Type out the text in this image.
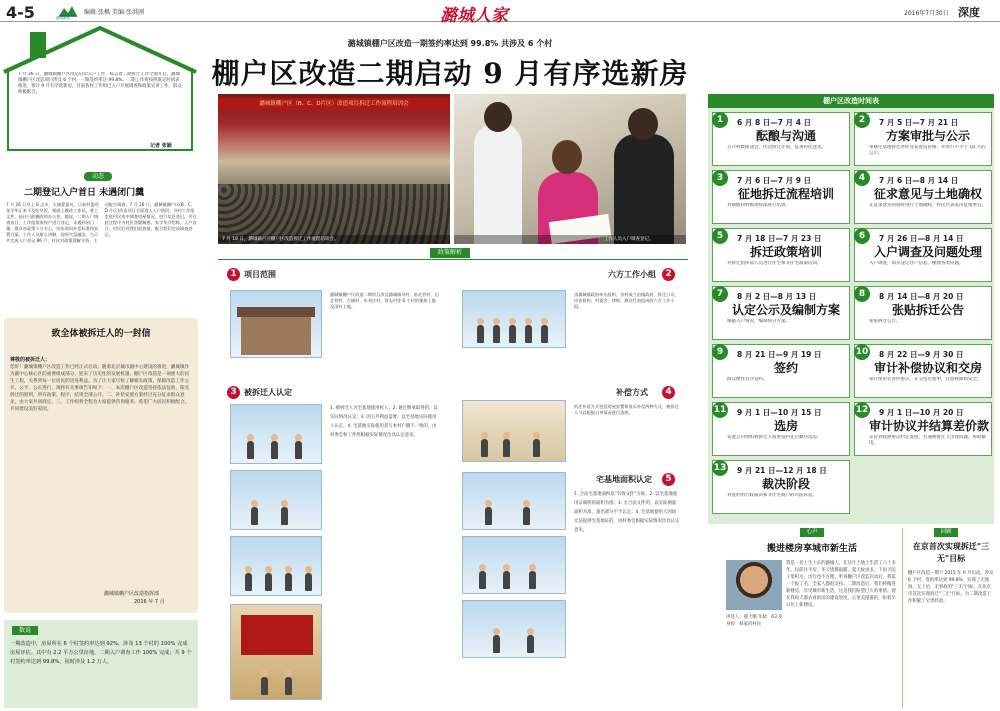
4-5	潞城新闻
编辑:张枫 美编:张洪刚	潞城人家	2016年7月30日 深度
7 月 26 日，潞城镇棚户区改造启动入户工作，标志着二期拆迁工作全面开启。潞城镇棚户区改造项目涉及 6 个村，一期签约率达 99.8%。二期工作将按照既定时间表推进，预计 9 月有序选新房，目前各村工作组已入户开展调查和政策宣讲工作，群众积极配合。
记者 张颖
动态
二期登记入户首日 未遇闭门羹
7 月 26 日早上 8 点多，天刚蒙蒙亮，日前村委的张学华正来不及吃早饭，便就上棚改工作证，拿上文件，赶往日前棚改的办公室。她说，二期入户调查首日，工作组挨家挨户进行登记，未遇到闭门羹。群众对政策十分关心，纷纷询问补偿标准和安置方案。工作人员耐心讲解，现场气氛融洽。当天共完成入户登记 86 户，村民对政策理解支持，主动配合调查。7 月 26 日，潞城镇棚户区(B、C、D 片区)改造项目全面进入入户阶段，各村工作组走进村民家中调查房屋情况，进行信息登记，并在此过程中为村民答疑解惑。张学华介绍称，入户首日，村民们对我们很热情，配合我们完成调查登记。
致全体被拆迁人的一封信
尊敬的被拆迁人：
您好！潞城镇棚户区改造工作已经正式启动。随着北京城市副中心建设的推进，潞城镇作为副中心核心区的重要组成部分，迎来了历史性的发展机遇。棚户区改造是一项重大的民生工程，关系到每一位居民的切身利益。为了让大家尽快了解相关政策，保障改造工作公开、公平、公正进行，现将有关事项告知如下：一、本次棚户区改造坚持依法征收、阳光拆迁的原则，所有政策、程序、结果全部公开。二、补偿安置方案经过充分征求群众意见，由大家共同商定。三、工作组将全程为大家提供咨询服务。希望广大居民积极配合，共同建设美好家园。
潞城镇棚户区改造指挥部
2016 年 7 月
数说
一期改造中，房屋所在 6 个村签约率达到 92%，涉及 13 个村的 100% 完成房屋评估。其中有 2.2 平方公里征地，二期入户调查工作 100% 完成；共 9 个村签约率达到 99.8%，同时涉及 1.2 万人。
潞城镇棚户区改造一期签约率达到 99.8% 共涉及 6 个村
棚户区改造二期启动 9 月有序选新房
潞城镇棚户区（B、C、D片区）改造项目拆迁工作流程培训会
7 月 18 日，潞城镇召开棚户区改造拆迁工作流程培训会。	工作人员入户调查登记。
政策解析
1 项目范围
潞城镇棚户区改造二期项目涉及潞城镇辛村、前北营村、后北营村、古城村、东刘庄村、常屯村等 6 个村的集体土地及国有土地。
六方工作小组	2
由潞城镇政府牵头组织，各村成立由镇政府、拆迁公司、评估机构、村委会、律师、群众代表组成的六方工作小组。
3 被拆迁人认定
1. 被拆迁人为宅基地使用权人；2. 通过继承取得的，以实际情况认定；3. 因公共利益需要，以宅基地实际使用人认定。4. 宅基地实际使用者与本村户籍不一致的，由村委会和工作组根据实际情况出具认定意见。
补偿方式	4
拆迁补偿方式包括房屋安置和货币补偿两种方式，被拆迁人可以根据自身情况进行选择。
宅基地面积认定	5
1. 合法宅基地面积以"有效文件"为准；2. 以宅基地使用证载明的面积为准；3. 无合法文件的，以实际测量面积为准，超出部分不予认定；4. 宅基地使用人因故无法提供宅基地证的，由村委会根据实际情况出具认定意见。
棚户区改造时间表
1	6 月 8 日—7 月 4 日
酝酿与沟通
召开村级座谈会，传达拆迁计划，征求村民意见。
2	7 月 5 日—7 月 21 日
方案审批与公示
审核宅基地拆迁补偿及安置房价格，并进行不少于 10 天的公示。
3	7 月 6 日—7 月 9 日
征地拆迁流程培训
对镇级和村级指挥部进行培训。
4	7 月 6 日—8 月 14 日
征求意见与土地确权
在征求意见的同时进行土地确权，村民代表表决征地事宜。
5	7 月 18 日—7 月 23 日
拆迁政策培训
对拆迁指挥部人员进行住宅和非住宅政策培训。
6	7 月 26 日—8 月 14 日
入户调查及问题处理
入户调查，如实登记住户信息，梳理各类问题。
7	8 月 2 日—8 月 13 日
认定公示及编制方案
根据入户情况，编制预分方案。
8	8 月 14 日—8 月 20 日
张贴拆迁公告
张贴拆迁公告。
9	8 月 21 日—9 月 19 日
签约
群众理性有序签约。
10 8 月 22 日—9 月 30 日
审计补偿协议和交房
审计组审计补偿协议，在交房过程中，注意拆除和安全。
11 9 月 1 日—10 月 15 日
选房
安置公司组织被拆迁人按照签约先后顺序选房。
12 9 月 1 日—10 月 20 日
审计协议并结算差价款
差价款按照协议约定发放，若遇被拆迁人出现问题，协助解决。
13 9 月 21 日—12 月 18 日
裁决阶段
对签约的行政裁决和非住宅商户的司法诉讼。
心声
搬进楼房享城市新生活
讲述人：郝士顺 年龄：63 岁 身份：郝家府村民
我是一名土生土长的潞城人，在这片土地上生活了六十多年。以前住平房，冬天烧煤取暖，夏天蚊虫多，下雨天院子里积水，出行也不方便。听说棚户区改造启动后，我第一个报了名，全家人都很支持。二期改造后，我们将搬进新楼房，享受城市新生活，这是我们盼望已久的事情。现在我每天都去看新房的建设进度，心里美滋滋的，盼着早日住上新楼房。
回顾
在京首次实现拆迁"三无"目标
棚户区改造一期于 2015 年 6 月启动，涉及 6 个村，签约率达到 99.8%，实现了无强拆、无上访、无事故的"三无"目标，在北京市首次实现拆迁"三无"目标，为二期改造工作积累了宝贵经验。
